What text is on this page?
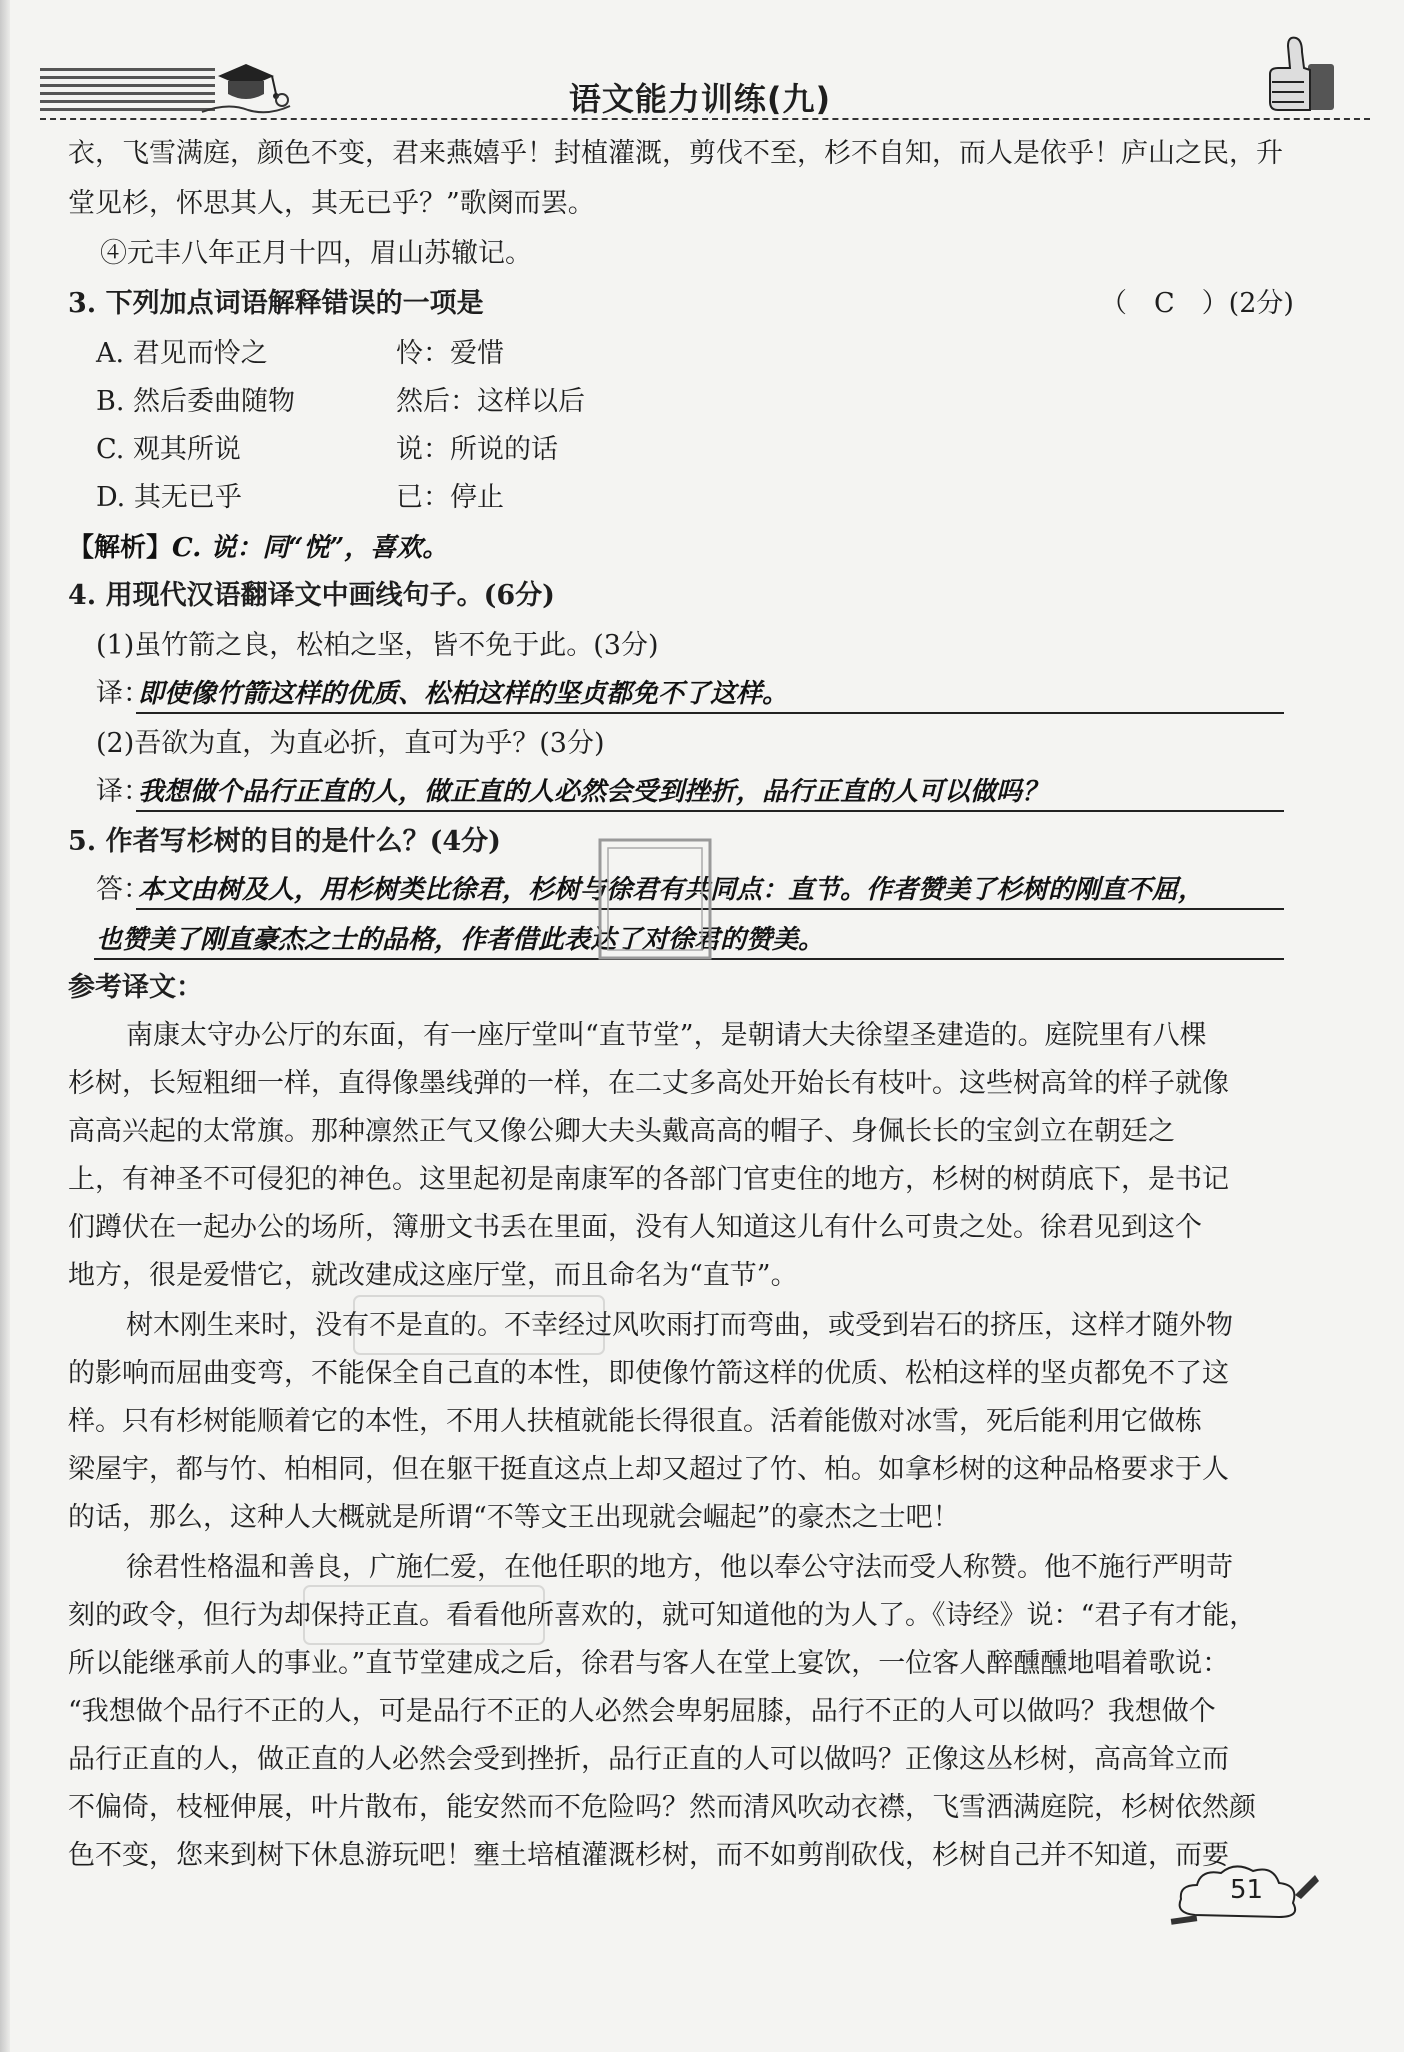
语文能力训练(九)
衣，飞雪满庭，颜色不变，君来燕嬉乎！封植灌溉，剪伐不至，杉不自知，而人是依乎！庐山之民，升
堂见杉，怀思其人，其无已乎？”歌阕而罢。
④元丰八年正月十四，眉山苏辙记。
3. 下列加点词语解释错误的一项是	（　C　）(2分)
A. 君见而怜之	怜：爱惜
B. 然后委曲随物	然后：这样以后
C. 观其所说	说：所说的话
D. 其无已乎	已：停止
【解析】C. 说：同“悦”，喜欢。
4. 用现代汉语翻译文中画线句子。(6分)
(1)虽竹箭之良，松柏之坚，皆不免于此。(3分)
译：
即使像竹箭这样的优质、松柏这样的坚贞都免不了这样。
(2)吾欲为直，为直必折，直可为乎？(3分)
译：
我想做个品行正直的人，做正直的人必然会受到挫折，品行正直的人可以做吗？
5. 作者写杉树的目的是什么？(4分)
答：
本文由树及人，用杉树类比徐君，杉树与徐君有共同点：直节。作者赞美了杉树的刚直不屈，
也赞美了刚直豪杰之士的品格，作者借此表达了对徐君的赞美。
参考译文：
南康太守办公厅的东面，有一座厅堂叫“直节堂”，是朝请大夫徐望圣建造的。庭院里有八棵
杉树，长短粗细一样，直得像墨线弹的一样，在二丈多高处开始长有枝叶。这些树高耸的样子就像
高高兴起的太常旗。那种凛然正气又像公卿大夫头戴高高的帽子、身佩长长的宝剑立在朝廷之
上，有神圣不可侵犯的神色。这里起初是南康军的各部门官吏住的地方，杉树的树荫底下，是书记
们蹲伏在一起办公的场所，簿册文书丢在里面，没有人知道这儿有什么可贵之处。徐君见到这个
地方，很是爱惜它，就改建成这座厅堂，而且命名为“直节”。
树木刚生来时，没有不是直的。不幸经过风吹雨打而弯曲，或受到岩石的挤压，这样才随外物
的影响而屈曲变弯，不能保全自己直的本性，即使像竹箭这样的优质、松柏这样的坚贞都免不了这
样。只有杉树能顺着它的本性，不用人扶植就能长得很直。活着能傲对冰雪，死后能利用它做栋
梁屋宇，都与竹、柏相同，但在躯干挺直这点上却又超过了竹、柏。如拿杉树的这种品格要求于人
的话，那么，这种人大概就是所谓“不等文王出现就会崛起”的豪杰之士吧！
徐君性格温和善良，广施仁爱，在他任职的地方，他以奉公守法而受人称赞。他不施行严明苛
刻的政令，但行为却保持正直。看看他所喜欢的，就可知道他的为人了。《诗经》说：“君子有才能，
所以能继承前人的事业。”直节堂建成之后，徐君与客人在堂上宴饮，一位客人醉醺醺地唱着歌说：
“我想做个品行不正的人，可是品行不正的人必然会卑躬屈膝，品行不正的人可以做吗？我想做个
品行正直的人，做正直的人必然会受到挫折，品行正直的人可以做吗？正像这丛杉树，高高耸立而
不偏倚，枝桠伸展，叶片散布，能安然而不危险吗？然而清风吹动衣襟，飞雪洒满庭院，杉树依然颜
色不变，您来到树下休息游玩吧！壅土培植灌溉杉树，而不如剪削砍伐，杉树自己并不知道，而要
51
